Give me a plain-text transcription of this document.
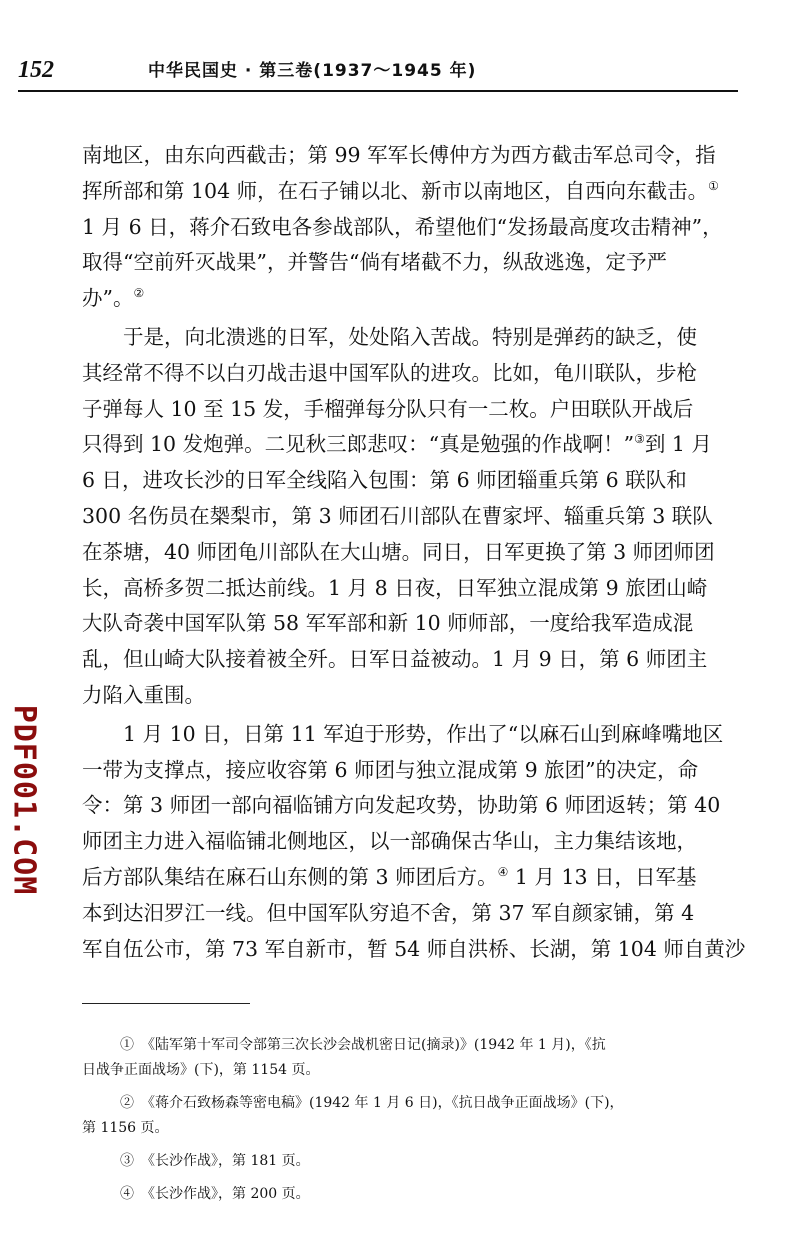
152	中华民国史 · 第三卷(1937～1945 年)
PDF001.COM
南地区，由东向西截击；第 99 军军长傅仲方为西方截击军总司令，指
挥所部和第 104 师，在石子铺以北、新市以南地区，自西向东截击。①
1 月 6 日，蒋介石致电各参战部队，希望他们“发扬最高度攻击精神”，
取得“空前歼灭战果”，并警告“倘有堵截不力，纵敌逃逸，定予严
办”。②
　　于是，向北溃逃的日军，处处陷入苦战。特别是弹药的缺乏，使
其经常不得不以白刃战击退中国军队的进攻。比如，龟川联队，步枪
子弹每人 10 至 15 发，手榴弹每分队只有一二枚。户田联队开战后
只得到 10 发炮弹。二见秋三郎悲叹：“真是勉强的作战啊！”③到 1 月
6 日，进攻长沙的日军全线陷入包围：第 6 师团辎重兵第 6 联队和
300 名伤员在椝梨市，第 3 师团石川部队在曹家坪、辎重兵第 3 联队
在茶塘，40 师团龟川部队在大山塘。同日，日军更换了第 3 师团师团
长，高桥多贺二抵达前线。1 月 8 日夜，日军独立混成第 9 旅团山崎
大队奇袭中国军队第 58 军军部和新 10 师师部，一度给我军造成混
乱，但山崎大队接着被全歼。日军日益被动。1 月 9 日，第 6 师团主
力陷入重围。
　　1 月 10 日，日第 11 军迫于形势，作出了“以麻石山到麻峰嘴地区
一带为支撑点，接应收容第 6 师团与独立混成第 9 旅团”的决定，命
令：第 3 师团一部向福临铺方向发起攻势，协助第 6 师团返转；第 40
师团主力进入福临铺北侧地区，以一部确保古华山，主力集结该地，
后方部队集结在麻石山东侧的第 3 师团后方。④ 1 月 13 日，日军基
本到达汨罗江一线。但中国军队穷追不舍，第 37 军自颜家铺，第 4
军自伍公市，第 73 军自新市，暂 54 师自洪桥、长湖，第 104 师自黄沙
①　《陆军第十军司令部第三次长沙会战机密日记(摘录)》(1942 年 1 月)，《抗
日战争正面战场》(下)，第 1154 页。
②　《蒋介石致杨森等密电稿》(1942 年 1 月 6 日)，《抗日战争正面战场》(下)，
第 1156 页。
③　《长沙作战》，第 181 页。
④　《长沙作战》，第 200 页。
